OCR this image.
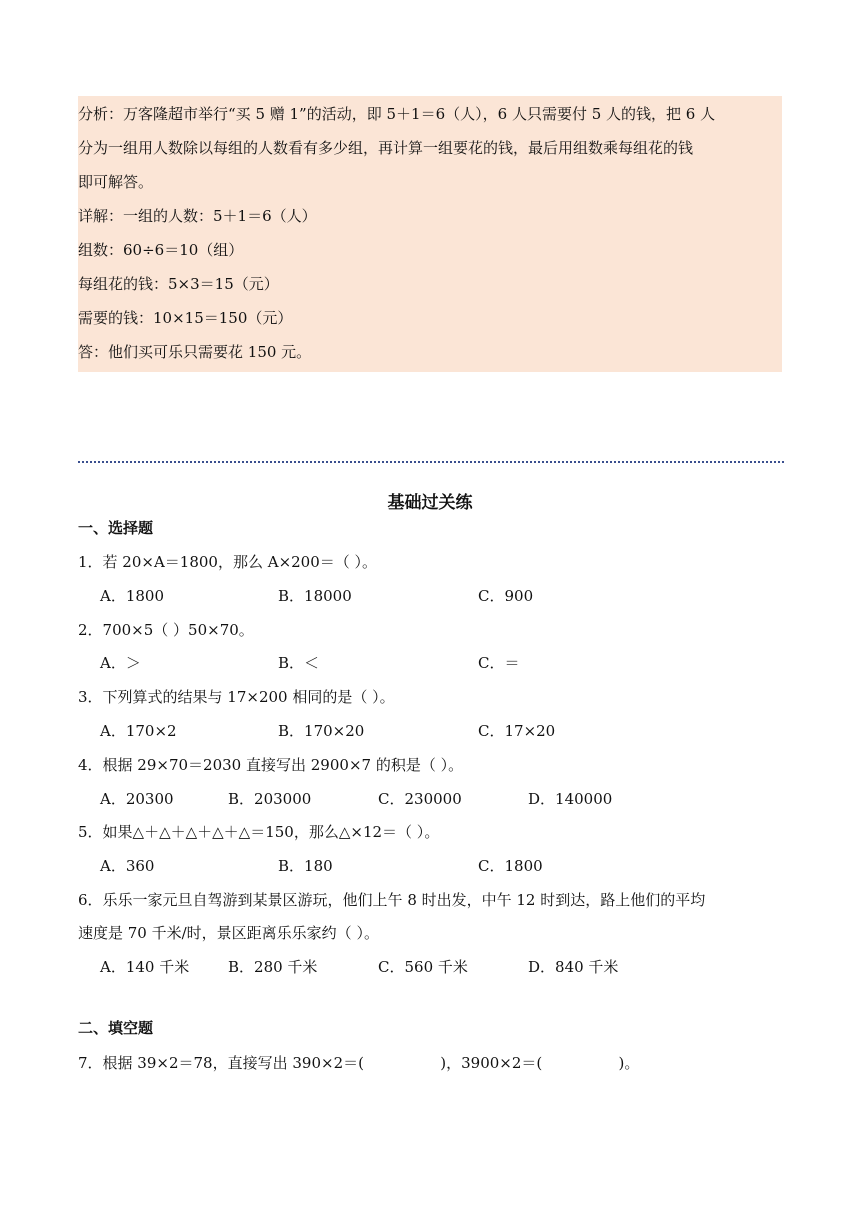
分析：万客隆超市举行“买 5 赠 1”的活动，即 5＋1＝6（人），6 人只需要付 5 人的钱，把 6 人
分为一组用人数除以每组的人数看有多少组，再计算一组要花的钱，最后用组数乘每组花的钱
即可解答。
详解：一组的人数：5＋1＝6（人）
组数：60÷6＝10（组）
每组花的钱：5×3＝15（元）
需要的钱：10×15＝150（元）
答：他们买可乐只需要花 150 元。
基础过关练
一、选择题
1．若 20×A＝1800，那么 A×200＝（ ）。
A．1800	B．18000	C．900
2．700×5（ ）50×70。
A．＞	B．＜	C．＝
3．下列算式的结果与 17×200 相同的是（ ）。
A．170×2	B．170×20	C．17×20
4．根据 29×70＝2030 直接写出 2900×7 的积是（ ）。
A．20300	B．203000	C．230000	D．140000
5．如果△＋△＋△＋△＋△＝150，那么△×12＝（ ）。
A．360	B．180	C．1800
6．乐乐一家元旦自驾游到某景区游玩，他们上午 8 时出发，中午 12 时到达，路上他们的平均
速度是 70 千米/时，景区距离乐乐家约（ ）。
A．140 千米	B．280 千米	C．560 千米	D．840 千米
二、填空题
7．根据 39×2＝78，直接写出 390×2＝(                )，3900×2＝(                )。
